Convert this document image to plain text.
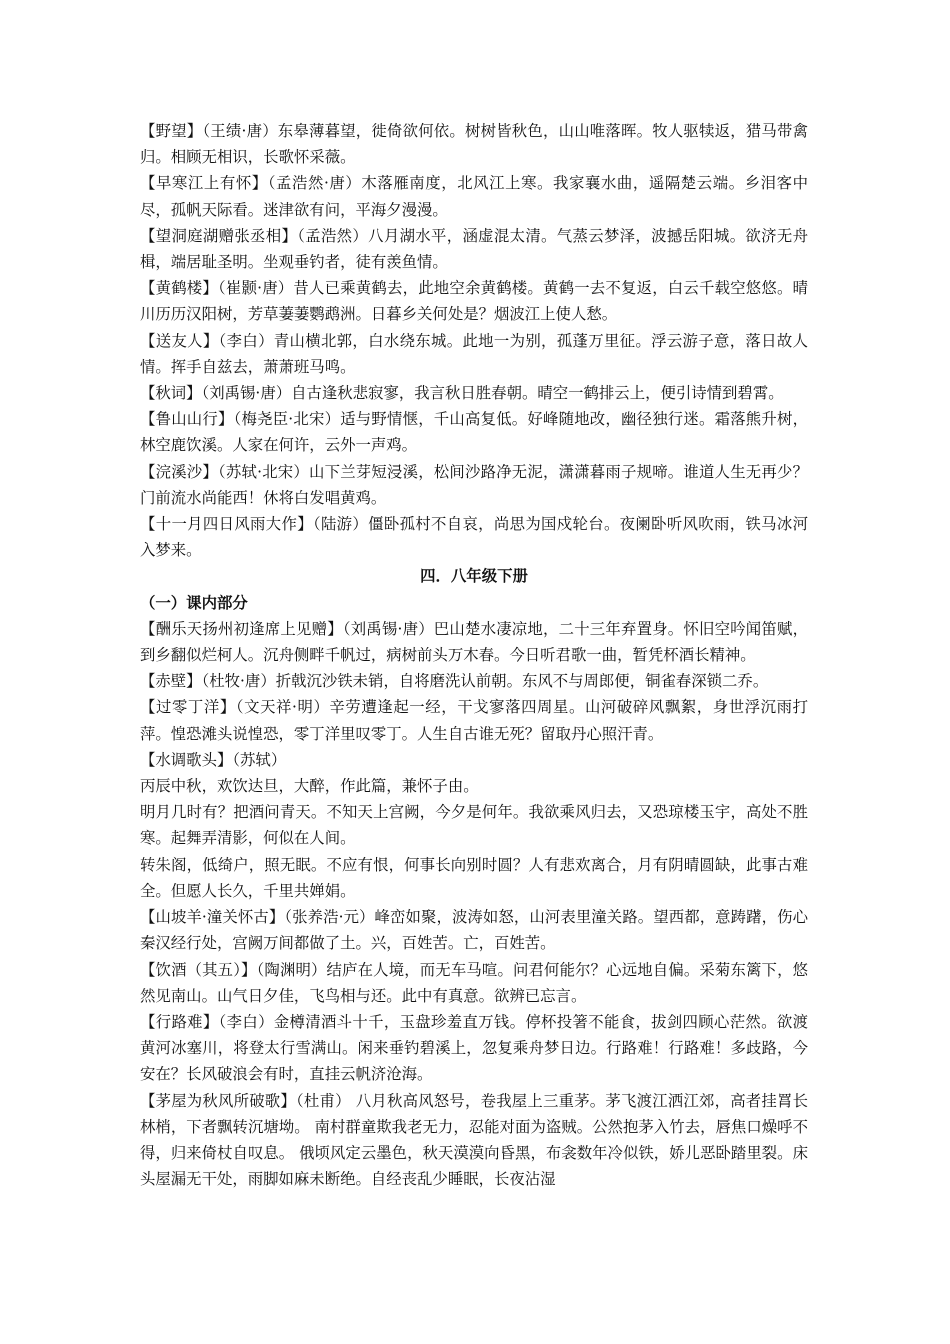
【野望】（王绩·唐）东皋薄暮望，徙倚欲何依。树树皆秋色，山山唯落晖。牧人驱犊返，猎马带禽归。相顾无相识，长歌怀采薇。

【早寒江上有怀】（孟浩然·唐）木落雁南度，北风江上寒。我家襄水曲，遥隔楚云端。乡泪客中尽，孤帆天际看。迷津欲有问，平海夕漫漫。

【望洞庭湖赠张丞相】（孟浩然）八月湖水平，涵虚混太清。气蒸云梦泽，波撼岳阳城。欲济无舟楫，端居耻圣明。坐观垂钓者，徒有羡鱼情。

【黄鹤楼】（崔颢·唐）昔人已乘黄鹤去，此地空余黄鹤楼。黄鹤一去不复返，白云千载空悠悠。晴川历历汉阳树，芳草萋萋鹦鹉洲。日暮乡关何处是？烟波江上使人愁。

【送友人】（李白）青山横北郭，白水绕东城。此地一为别，孤蓬万里征。浮云游子意，落日故人情。挥手自兹去，萧萧班马鸣。

【秋词】（刘禹锡·唐）自古逢秋悲寂寥，我言秋日胜春朝。晴空一鹤排云上，便引诗情到碧霄。

【鲁山山行】（梅尧臣·北宋）适与野情惬，千山高复低。好峰随地改，幽径独行迷。霜落熊升树，林空鹿饮溪。人家在何许，云外一声鸡。

【浣溪沙】（苏轼·北宋）山下兰芽短浸溪，松间沙路净无泥，潇潇暮雨子规啼。谁道人生无再少？门前流水尚能西！休将白发唱黄鸡。

【十一月四日风雨大作】（陆游）僵卧孤村不自哀，尚思为国戍轮台。夜阑卧听风吹雨，铁马冰河入梦来。

四．八年级下册
（一）课内部分

【酬乐天扬州初逢席上见赠】（刘禹锡·唐）巴山楚水凄凉地，二十三年弃置身。怀旧空吟闻笛赋，到乡翻似烂柯人。沉舟侧畔千帆过，病树前头万木春。今日听君歌一曲，暂凭杯酒长精神。

【赤壁】（杜牧·唐）折戟沉沙铁未销，自将磨洗认前朝。东风不与周郎便，铜雀春深锁二乔。

【过零丁洋】（文天祥·明）辛劳遭逢起一经，干戈寥落四周星。山河破碎风飘絮，身世浮沉雨打萍。惶恐滩头说惶恐，零丁洋里叹零丁。人生自古谁无死？留取丹心照汗青。

【水调歌头】（苏轼）

丙辰中秋，欢饮达旦，大醉，作此篇，兼怀子由。

明月几时有？把酒问青天。不知天上宫阙，今夕是何年。我欲乘风归去，又恐琼楼玉宇，高处不胜寒。起舞弄清影，何似在人间。

转朱阁，低绮户，照无眠。不应有恨，何事长向别时圆？人有悲欢离合，月有阴晴圆缺，此事古难全。但愿人长久，千里共婵娟。

【山坡羊·潼关怀古】（张养浩·元）峰峦如聚，波涛如怒，山河表里潼关路。望西都，意踌躇，伤心秦汉经行处，宫阙万间都做了土。兴，百姓苦。亡，百姓苦。

【饮酒（其五）】（陶渊明）结庐在人境，而无车马喧。问君何能尔？心远地自偏。采菊东篱下，悠然见南山。山气日夕佳，飞鸟相与还。此中有真意。欲辨已忘言。

【行路难】（李白）金樽清酒斗十千，玉盘珍羞直万钱。停杯投箸不能食，拔剑四顾心茫然。欲渡黄河冰塞川，将登太行雪满山。闲来垂钓碧溪上，忽复乘舟梦日边。行路难！行路难！多歧路，今安在？长风破浪会有时，直挂云帆济沧海。

【茅屋为秋风所破歌】（杜甫） 八月秋高风怒号，卷我屋上三重茅。茅飞渡江洒江郊，高者挂罥长林梢，下者飘转沉塘坳。 南村群童欺我老无力，忍能对面为盗贼。公然抱茅入竹去，唇焦口燥呼不得，归来倚杖自叹息。 俄顷风定云墨色，秋天漠漠向昏黑，布衾数年冷似铁，娇儿恶卧踏里裂。床头屋漏无干处，雨脚如麻未断绝。自经丧乱少睡眠，长夜沾湿
